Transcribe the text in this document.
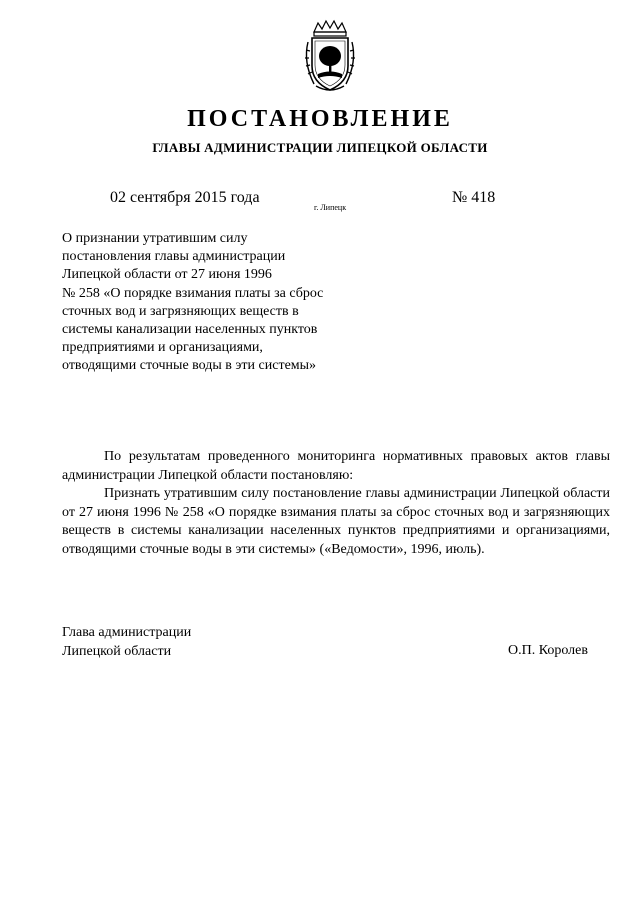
ПОСТАНОВЛЕНИЕ
ГЛАВЫ АДМИНИСТРАЦИИ ЛИПЕЦКОЙ ОБЛАСТИ
02 сентября 2015 года
г. Липецк
№ 418
О признании утратившим силу
постановления главы администрации
Липецкой области от 27 июня 1996
№ 258 «О порядке взимания платы за сброс
сточных вод и загрязняющих веществ в
системы канализации населенных пунктов
предприятиями и организациями,
отводящими сточные воды в эти системы»

По результатам проведенного мониторинга нормативных правовых актов главы администрации Липецкой области постановляю:

Признать утратившим силу постановление главы администрации Липецкой области от 27 июня 1996 № 258 «О порядке взимания платы за сброс сточных вод и загрязняющих веществ в системы канализации населенных пунктов предприятиями и организациями, отводящими сточные воды в эти системы» («Ведомости», 1996, июль).

Глава администрации
Липецкой области	О.П. Королев
